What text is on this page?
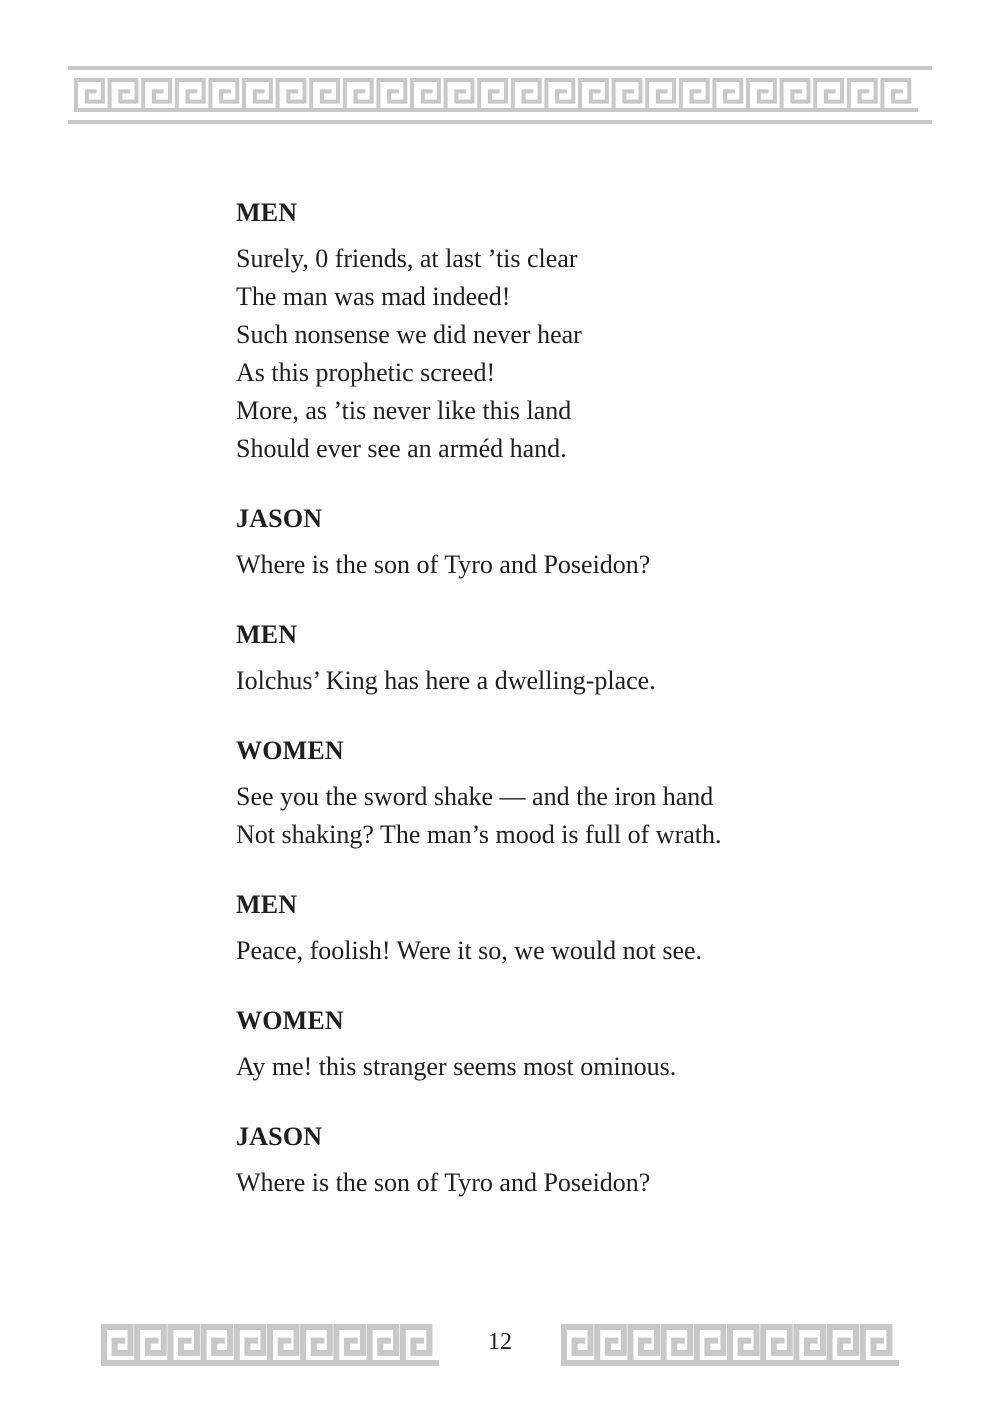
MEN

Surely, 0 friends, at last ’tis clear

The man was mad indeed!

Such nonsense we did never hear

As this prophetic screed!

More, as ’tis never like this land

Should ever see an arméd hand.

JASON

Where is the son of Tyro and Poseidon?

MEN

Iolchus’ King has here a dwelling-place.

WOMEN

See you the sword shake — and the iron hand

Not shaking? The man’s mood is full of wrath.

MEN

Peace, foolish! Were it so, we would not see.

WOMEN

Ay me! this stranger seems most ominous.

JASON

Where is the son of Tyro and Poseidon?

12
